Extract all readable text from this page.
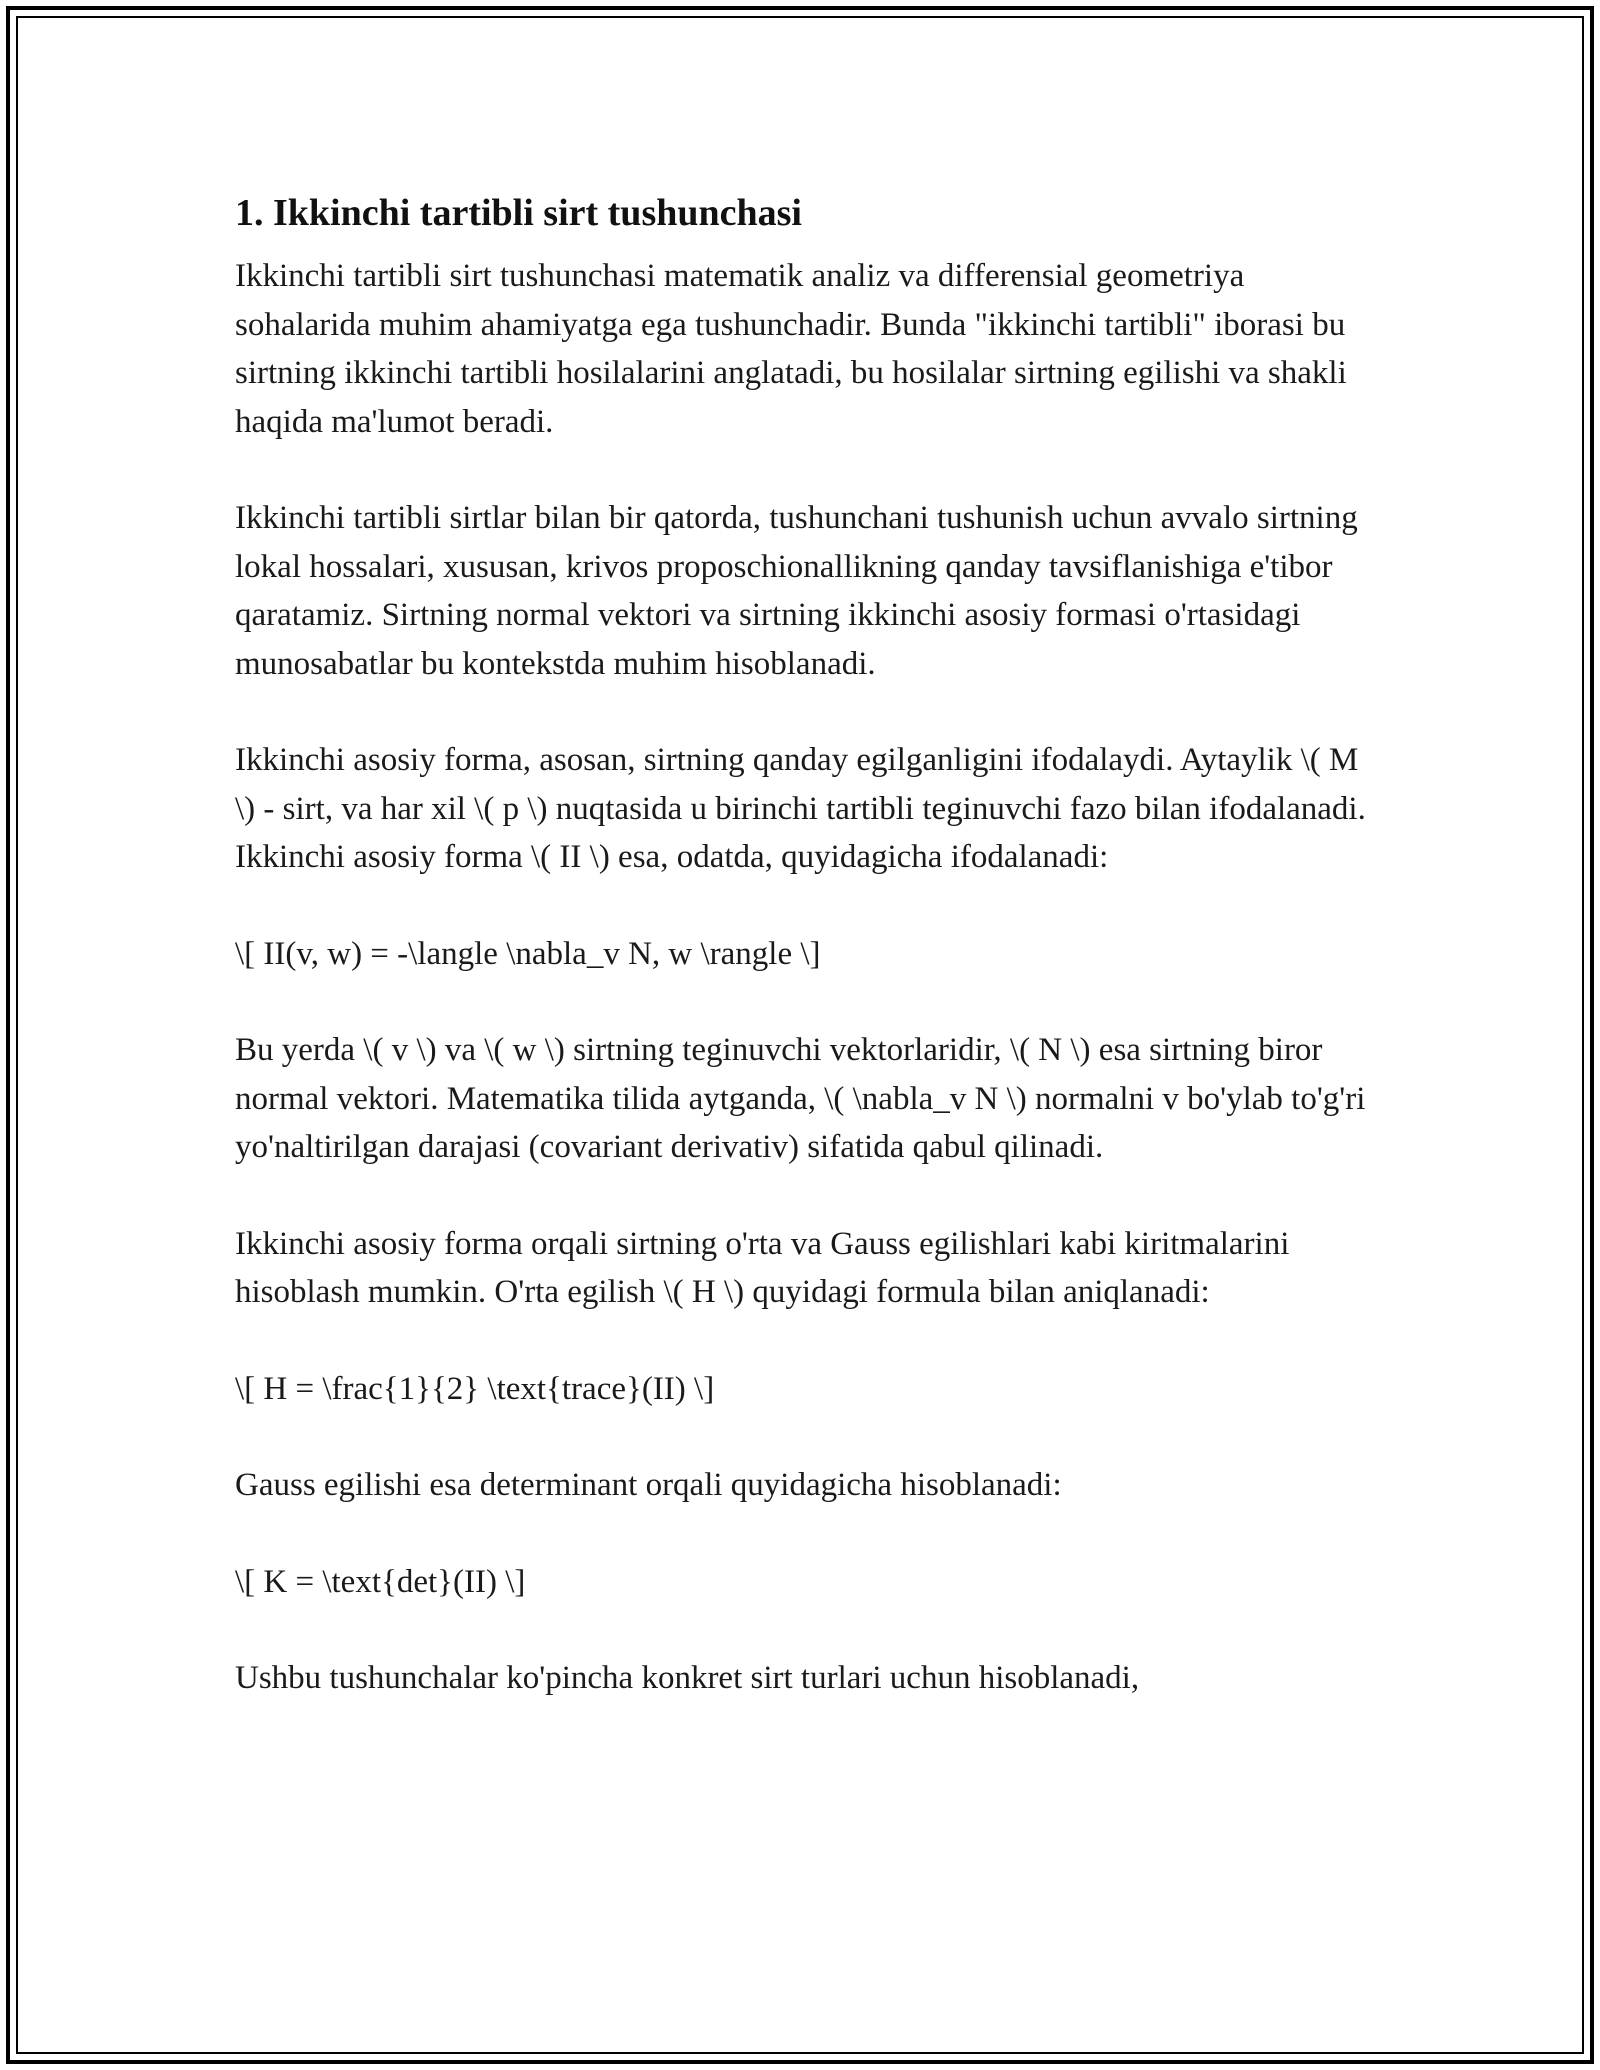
1. Ikkinchi tartibli sirt tushunchasi

Ikkinchi tartibli sirt tushunchasi matematik analiz va differensial geometriya sohalarida muhim ahamiyatga ega tushunchadir. Bunda "ikkinchi tartibli" iborasi bu sirtning ikkinchi tartibli hosilalarini anglatadi, bu hosilalar sirtning egilishi va shakli haqida ma'lumot beradi.

Ikkinchi tartibli sirtlar bilan bir qatorda, tushunchani tushunish uchun avvalo sirtning lokal hossalari, xususan, krivos proposchionallikning qanday tavsiflanishiga e'tibor qaratamiz. Sirtning normal vektori va sirtning ikkinchi asosiy formasi o'rtasidagi munosabatlar bu kontekstda muhim hisoblanadi.

Ikkinchi asosiy forma, asosan, sirtning qanday egilganligini ifodalaydi. Aytaylik \( M \) - sirt, va har xil \( p \) nuqtasida u birinchi tartibli teginuvchi fazo bilan ifodalanadi. Ikkinchi asosiy forma \( II \) esa, odatda, quyidagicha ifodalanadi:

\[ II(v, w) = -\langle \nabla_v N, w \rangle \]

Bu yerda \( v \) va \( w \) sirtning teginuvchi vektorlaridir, \( N \) esa sirtning biror normal vektori. Matematika tilida aytganda, \( \nabla_v N \) normalni v bo'ylab to'g'ri yo'naltirilgan darajasi (covariant derivativ) sifatida qabul qilinadi.

Ikkinchi asosiy forma orqali sirtning o'rta va Gauss egilishlari kabi kiritmalarini hisoblash mumkin. O'rta egilish \( H \) quyidagi formula bilan aniqlanadi:

\[ H = \frac{1}{2} \text{trace}(II) \]

Gauss egilishi esa determinant orqali quyidagicha hisoblanadi:

\[ K = \text{det}(II) \]

Ushbu tushunchalar ko'pincha konkret sirt turlari uchun hisoblanadi,
